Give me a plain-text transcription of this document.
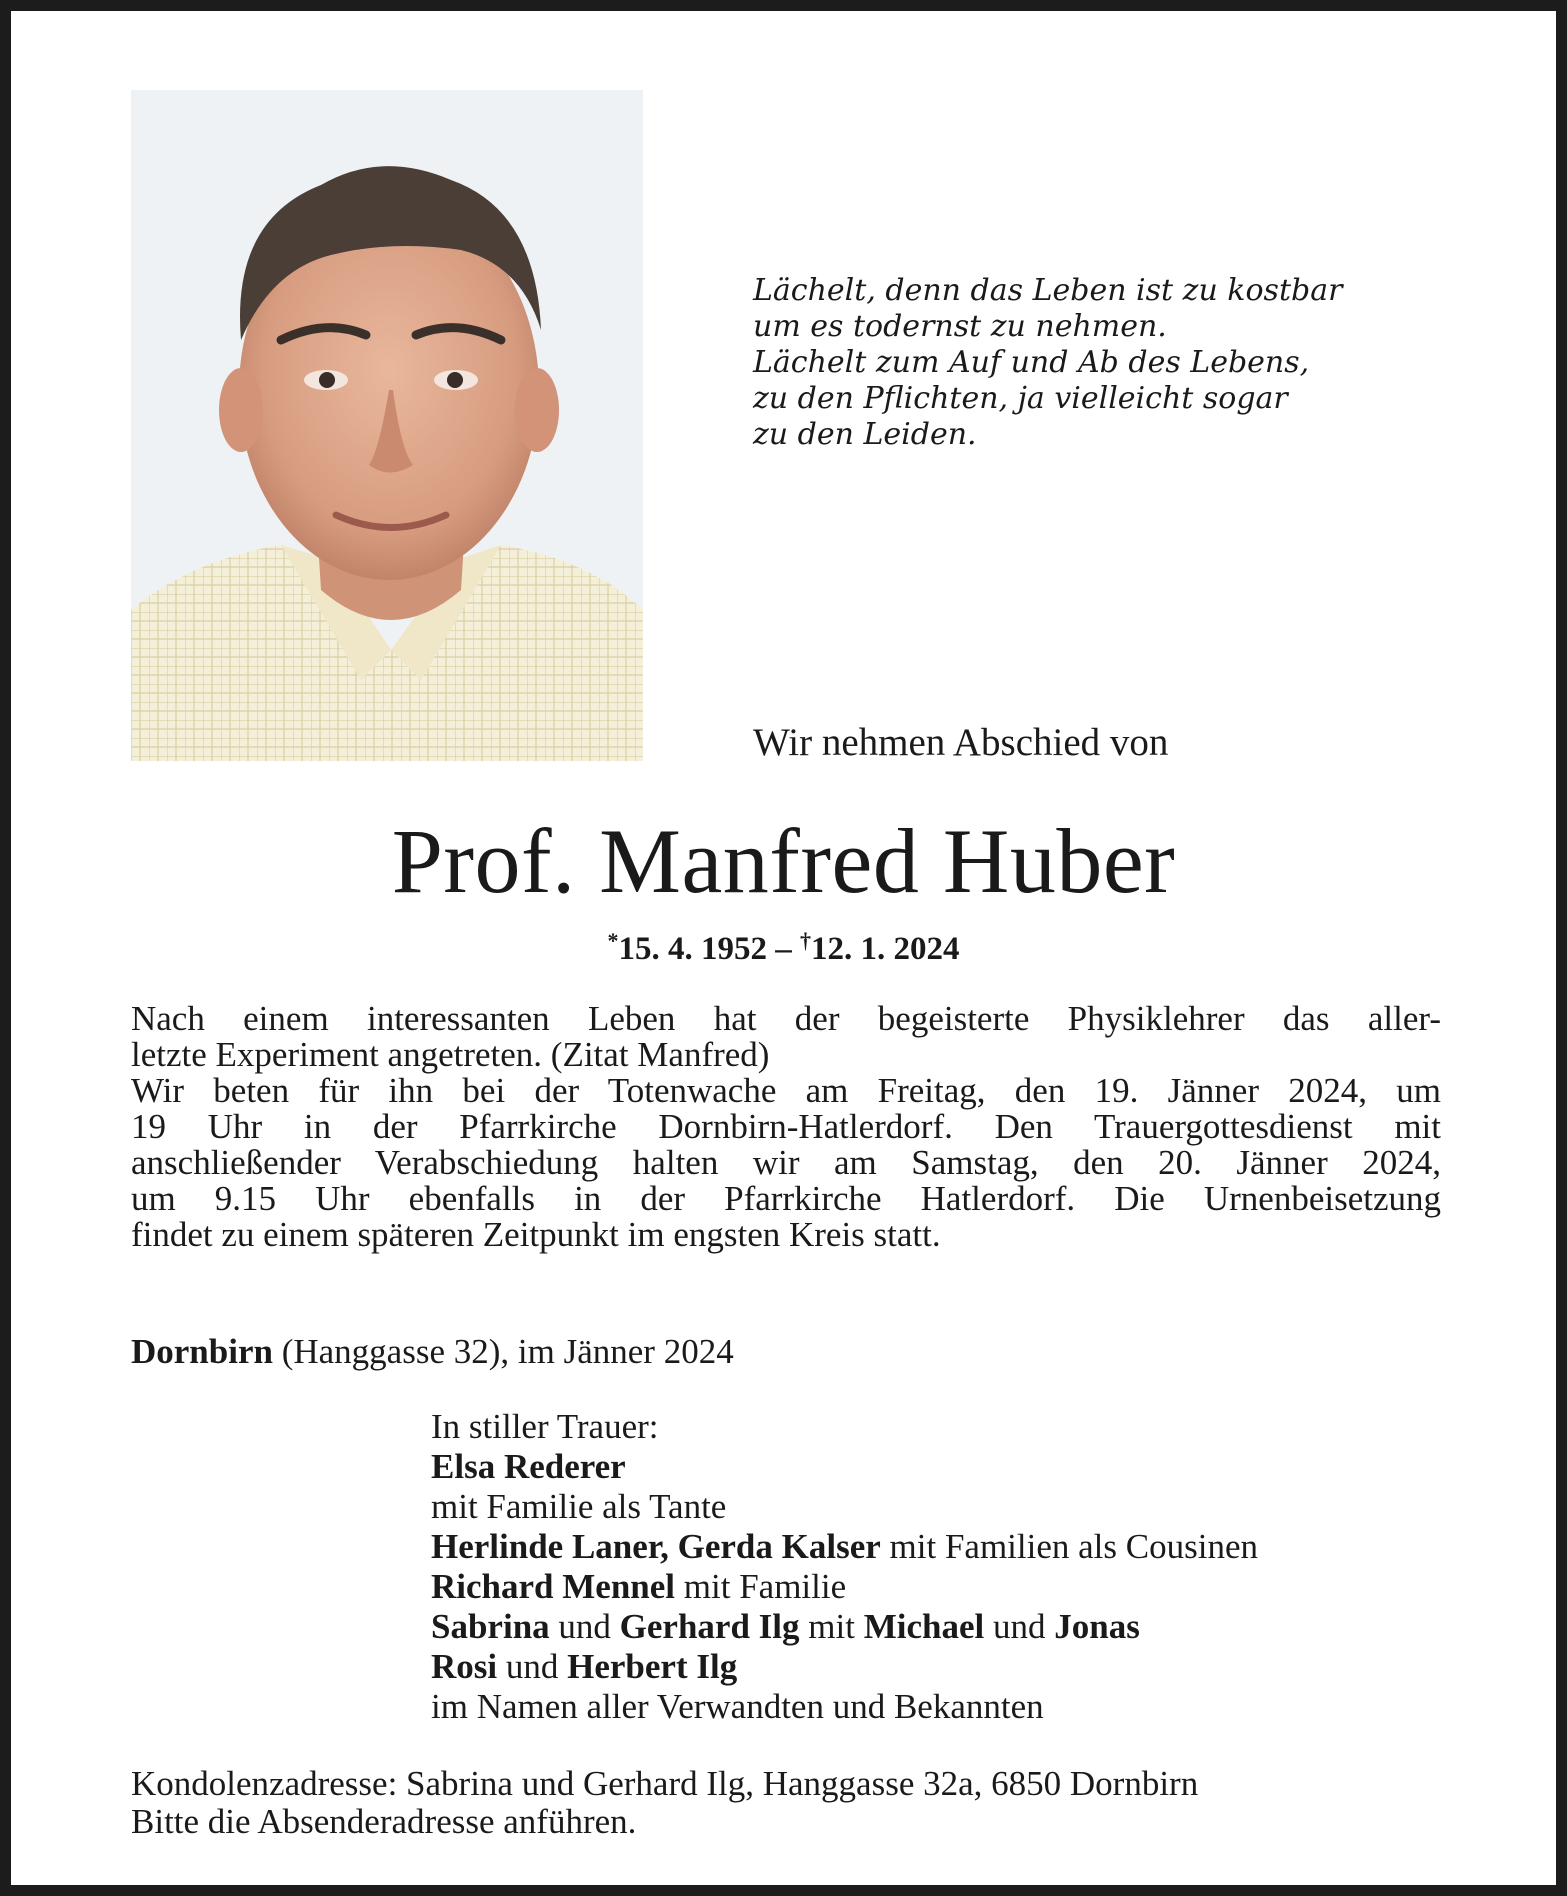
Lächelt, denn das Leben ist zu kostbar
um es todernst zu nehmen.
Lächelt zum Auf und Ab des Lebens,
zu den Pflichten, ja vielleicht sogar
zu den Leiden.
Wir nehmen Abschied von
Prof. Manfred Huber
*15. 4. 1952 – †12. 1. 2024
Nach einem interessanten Leben hat der begeisterte Physiklehrer das aller-
letzte Experiment angetreten. (Zitat Manfred)
Wir beten für ihn bei der Totenwache am Freitag, den 19. Jänner 2024, um
19 Uhr in der Pfarrkirche Dornbirn-Hatlerdorf. Den Trauergottesdienst mit
anschließender Verabschiedung halten wir am Samstag, den 20. Jänner 2024,
um 9.15 Uhr ebenfalls in der Pfarrkirche Hatlerdorf. Die Urnenbeisetzung
findet zu einem späteren Zeitpunkt im engsten Kreis statt.
Dornbirn (Hanggasse 32), im Jänner 2024
In stiller Trauer:
Elsa Rederer
mit Familie als Tante
Herlinde Laner, Gerda Kalser mit Familien als Cousinen
Richard Mennel mit Familie
Sabrina und Gerhard Ilg mit Michael und Jonas
Rosi und Herbert Ilg
im Namen aller Verwandten und Bekannten
Kondolenzadresse: Sabrina und Gerhard Ilg, Hanggasse 32a, 6850 Dornbirn
Bitte die Absenderadresse anführen.
